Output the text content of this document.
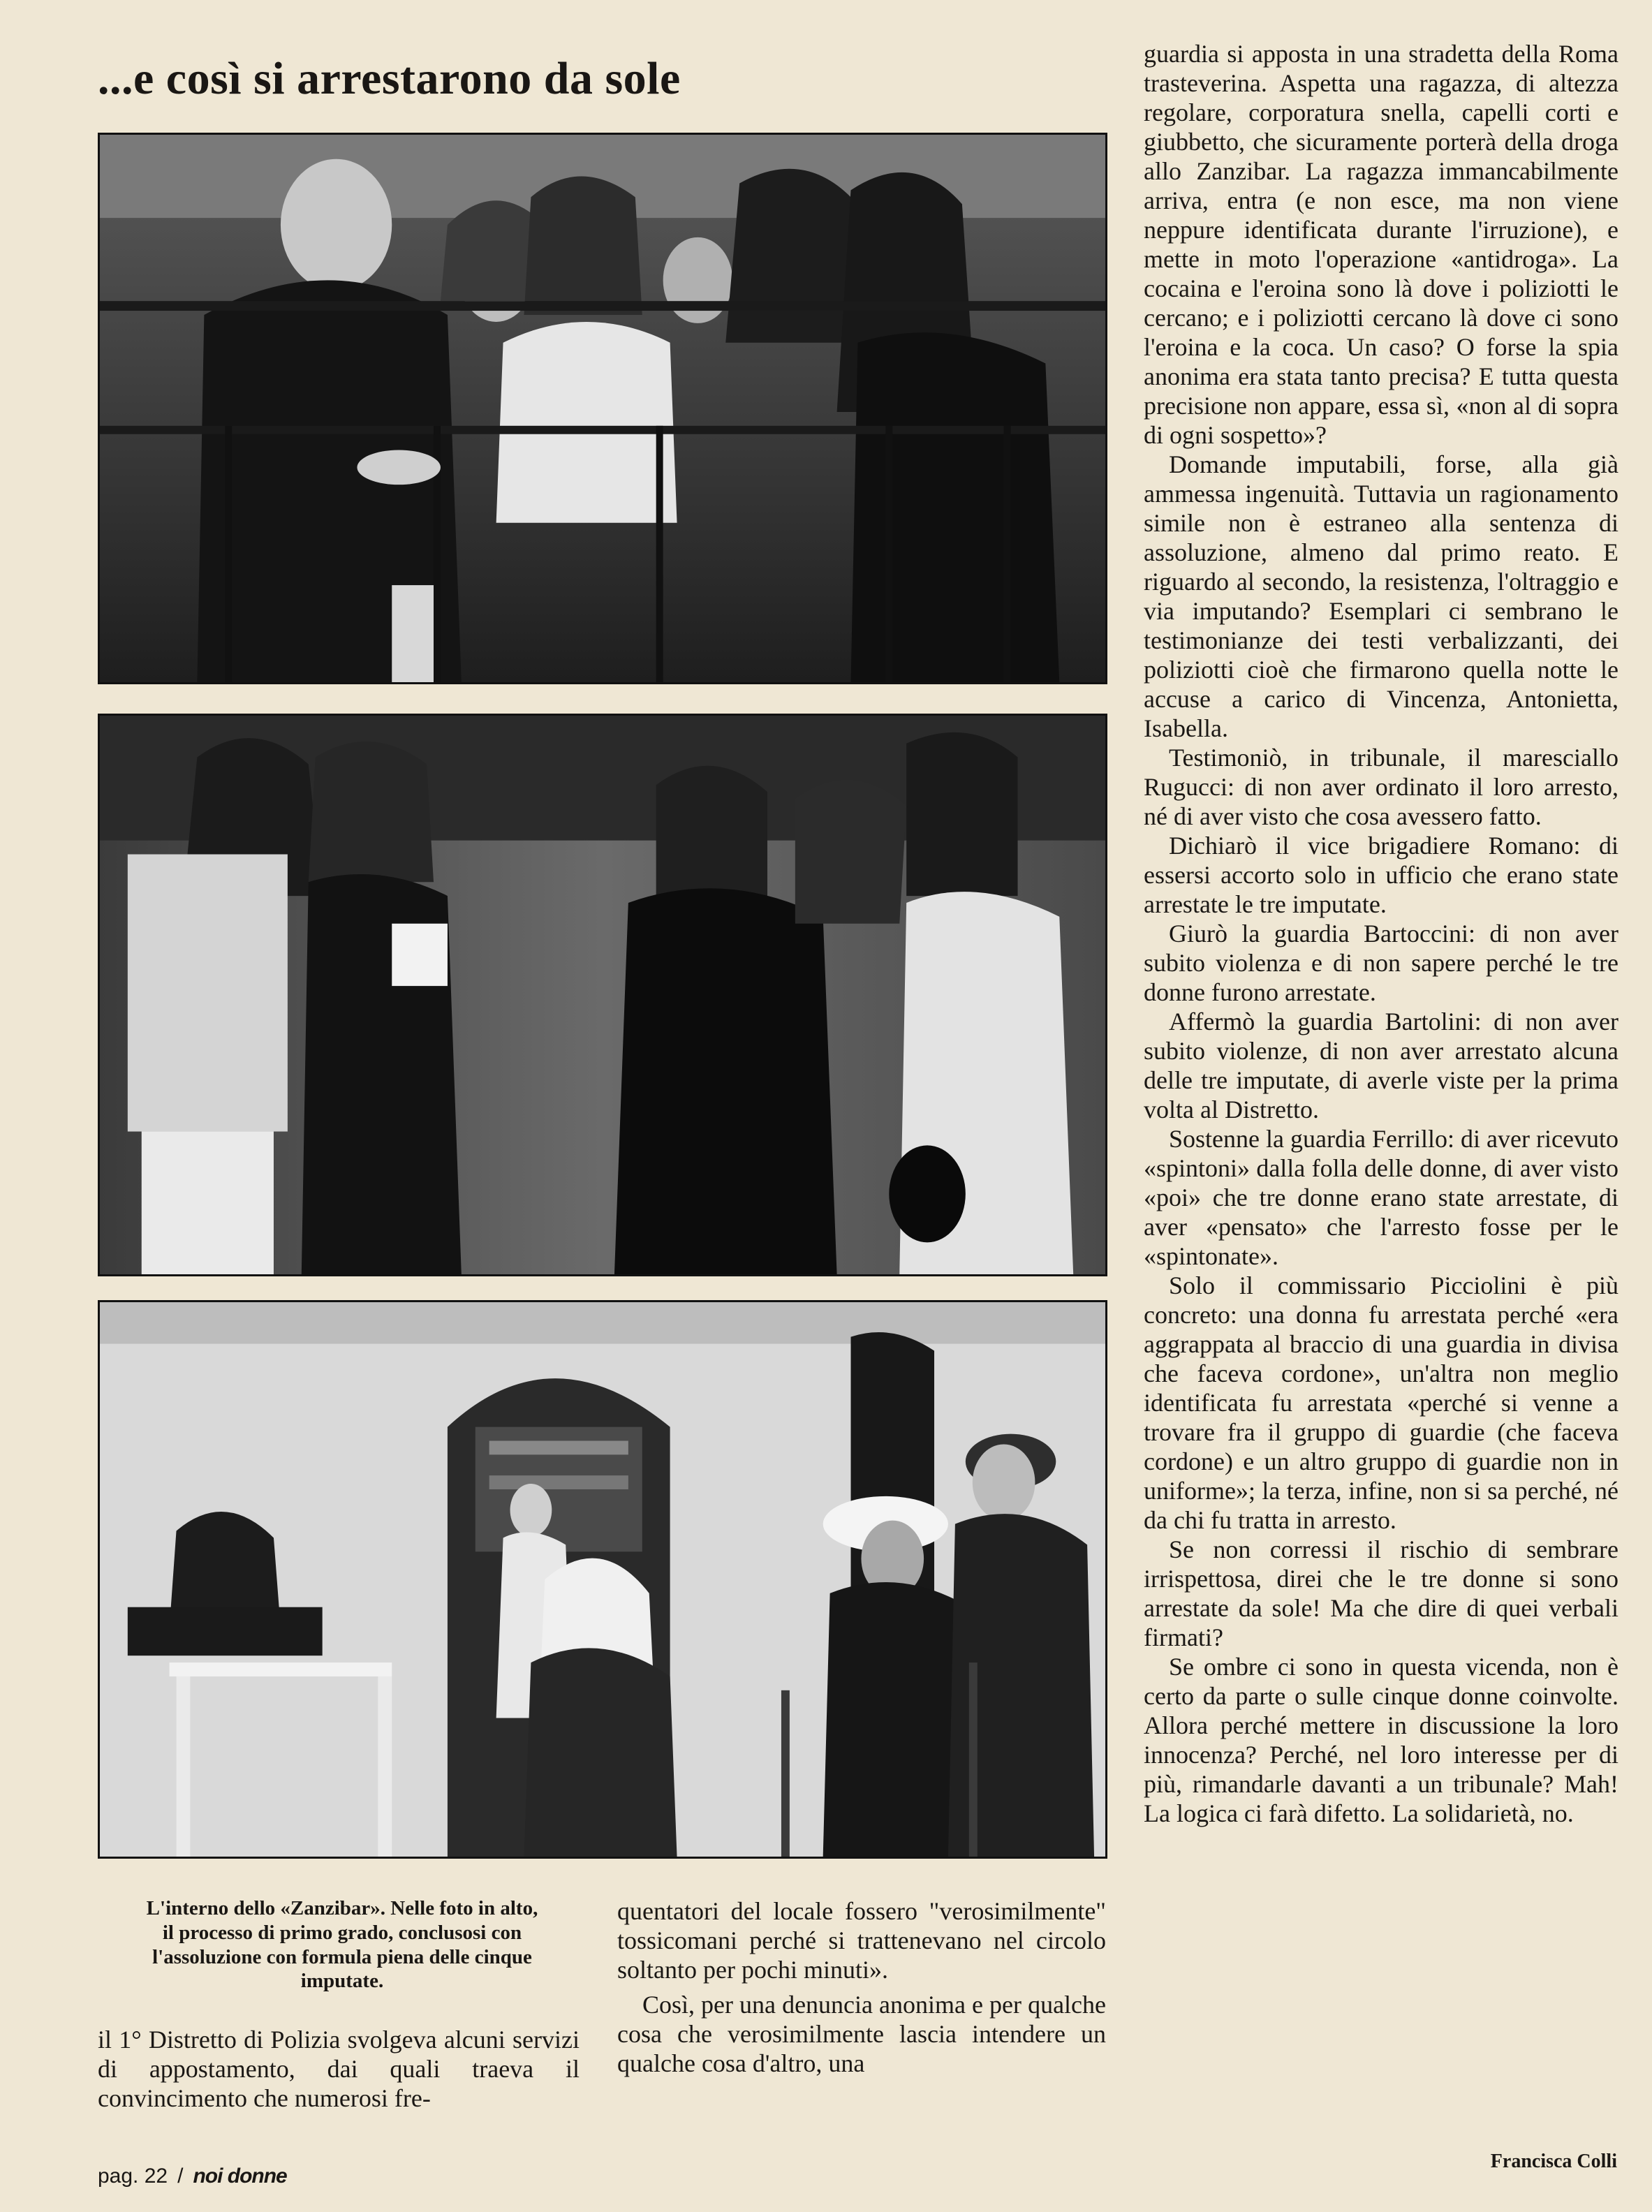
...e così si arrestarono da sole

L'interno dello «Zanzibar». Nelle foto in alto,

il processo di primo grado, conclusosi con

l'assoluzione con formula piena delle cinque

imputate.

il 1° Distretto di Polizia svolgeva alcuni servizi di appostamento, dai quali traeva il convincimento che numerosi fre-

quentatori del locale fossero "verosimilmente" tossicomani perché si trattenevano nel circolo soltanto per pochi minuti».

Così, per una denuncia anonima e per qualche cosa che verosimilmente lascia intendere un qualche cosa d'altro, una

guardia si apposta in una stradetta della Roma trasteverina. Aspetta una ragazza, di altezza regolare, corporatura snella, capelli corti e giubbetto, che sicuramente porterà della droga allo Zanzibar. La ragazza immancabilmente arriva, entra (e non esce, ma non viene neppure identificata durante l'irruzione), e mette in moto l'operazione «antidroga». La cocaina e l'eroina sono là dove i poliziotti le cercano; e i poliziotti cercano là dove ci sono l'eroina e la coca. Un caso? O forse la spia anonima era stata tanto precisa? E tutta questa precisione non appare, essa sì, «non al di sopra di ogni sospetto»?

Domande imputabili, forse, alla già ammessa ingenuità. Tuttavia un ragionamento simile non è estraneo alla sentenza di assoluzione, almeno dal primo reato. E riguardo al secondo, la resistenza, l'oltraggio e via imputando? Esemplari ci sembrano le testimonianze dei testi verbalizzanti, dei poliziotti cioè che firmarono quella notte le accuse a carico di Vincenza, Antonietta, Isabella.

Testimoniò, in tribunale, il maresciallo Rugucci: di non aver ordinato il loro arresto, né di aver visto che cosa avessero fatto.

Dichiarò il vice brigadiere Romano: di essersi accorto solo in ufficio che erano state arrestate le tre imputate.

Giurò la guardia Bartoccini: di non aver subito violenza e di non sapere perché le tre donne furono arrestate.

Affermò la guardia Bartolini: di non aver subito violenze, di non aver arrestato alcuna delle tre imputate, di averle viste per la prima volta al Distretto.

Sostenne la guardia Ferrillo: di aver ricevuto «spintoni» dalla folla delle donne, di aver visto «poi» che tre donne erano state arrestate, di aver «pensato» che l'arresto fosse per le «spintonate».

Solo il commissario Picciolini è più concreto: una donna fu arrestata perché «era aggrappata al braccio di una guardia in divisa che faceva cordone», un'altra non meglio identificata fu arrestata «perché si venne a trovare fra il gruppo di guardie (che faceva cordone) e un altro gruppo di guardie non in uniforme»; la terza, infine, non si sa perché, né da chi fu tratta in arresto.

Se non corressi il rischio di sembrare irrispettosa, direi che le tre donne si sono arrestate da sole! Ma che dire di quei verbali firmati?

Se ombre ci sono in questa vicenda, non è certo da parte o sulle cinque donne coinvolte. Allora perché mettere in discussione la loro innocenza? Perché, nel loro interesse per di più, rimandarle davanti a un tribunale? Mah! La logica ci farà difetto. La solidarietà, no.

Francisca Colli
pag. 22 / noi donne
